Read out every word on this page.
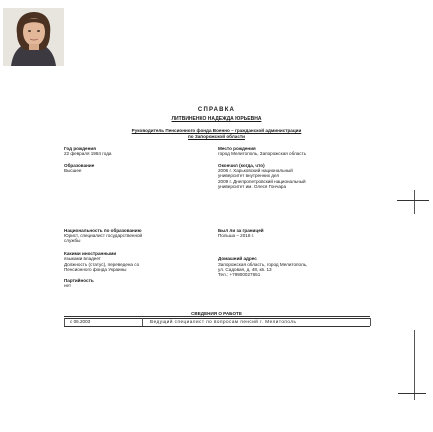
СПРАВКА
ЛИТВИНЕНКО НАДЕЖДА ЮРЬЕВНА
Руководитель Пенсионного фонда Военно – гражданской администрации
по Запорожской области
Год рождения
22 февраля 1984 года
Образование
Высшее
Национальность по образованию
Юрист, специалист государственной
службы
Какими иностранными
языками владеет
Должность (статус), переведена со
Пенсионного фонда Украины
Партийность
нет
Место рождения
город Мелитополь, Запорожская область
Окончил (когда, что)
2006 г. Харьковский национальный
университет внутренних дел
2009 г. Днепропетровский национальный
университет им. Олеся Гончара
Был ли за границей
Польша – 2018 г.
Домашний адрес
Запорожская область, город Мелитополь,
ул. Садовая, д. 48, кв. 13
Тел.: +79900027651
СВЕДЕНИЯ О РАБОТЕ
с 06.2003	Ведущий специалист по вопросам пенсий г. Мелитополь
